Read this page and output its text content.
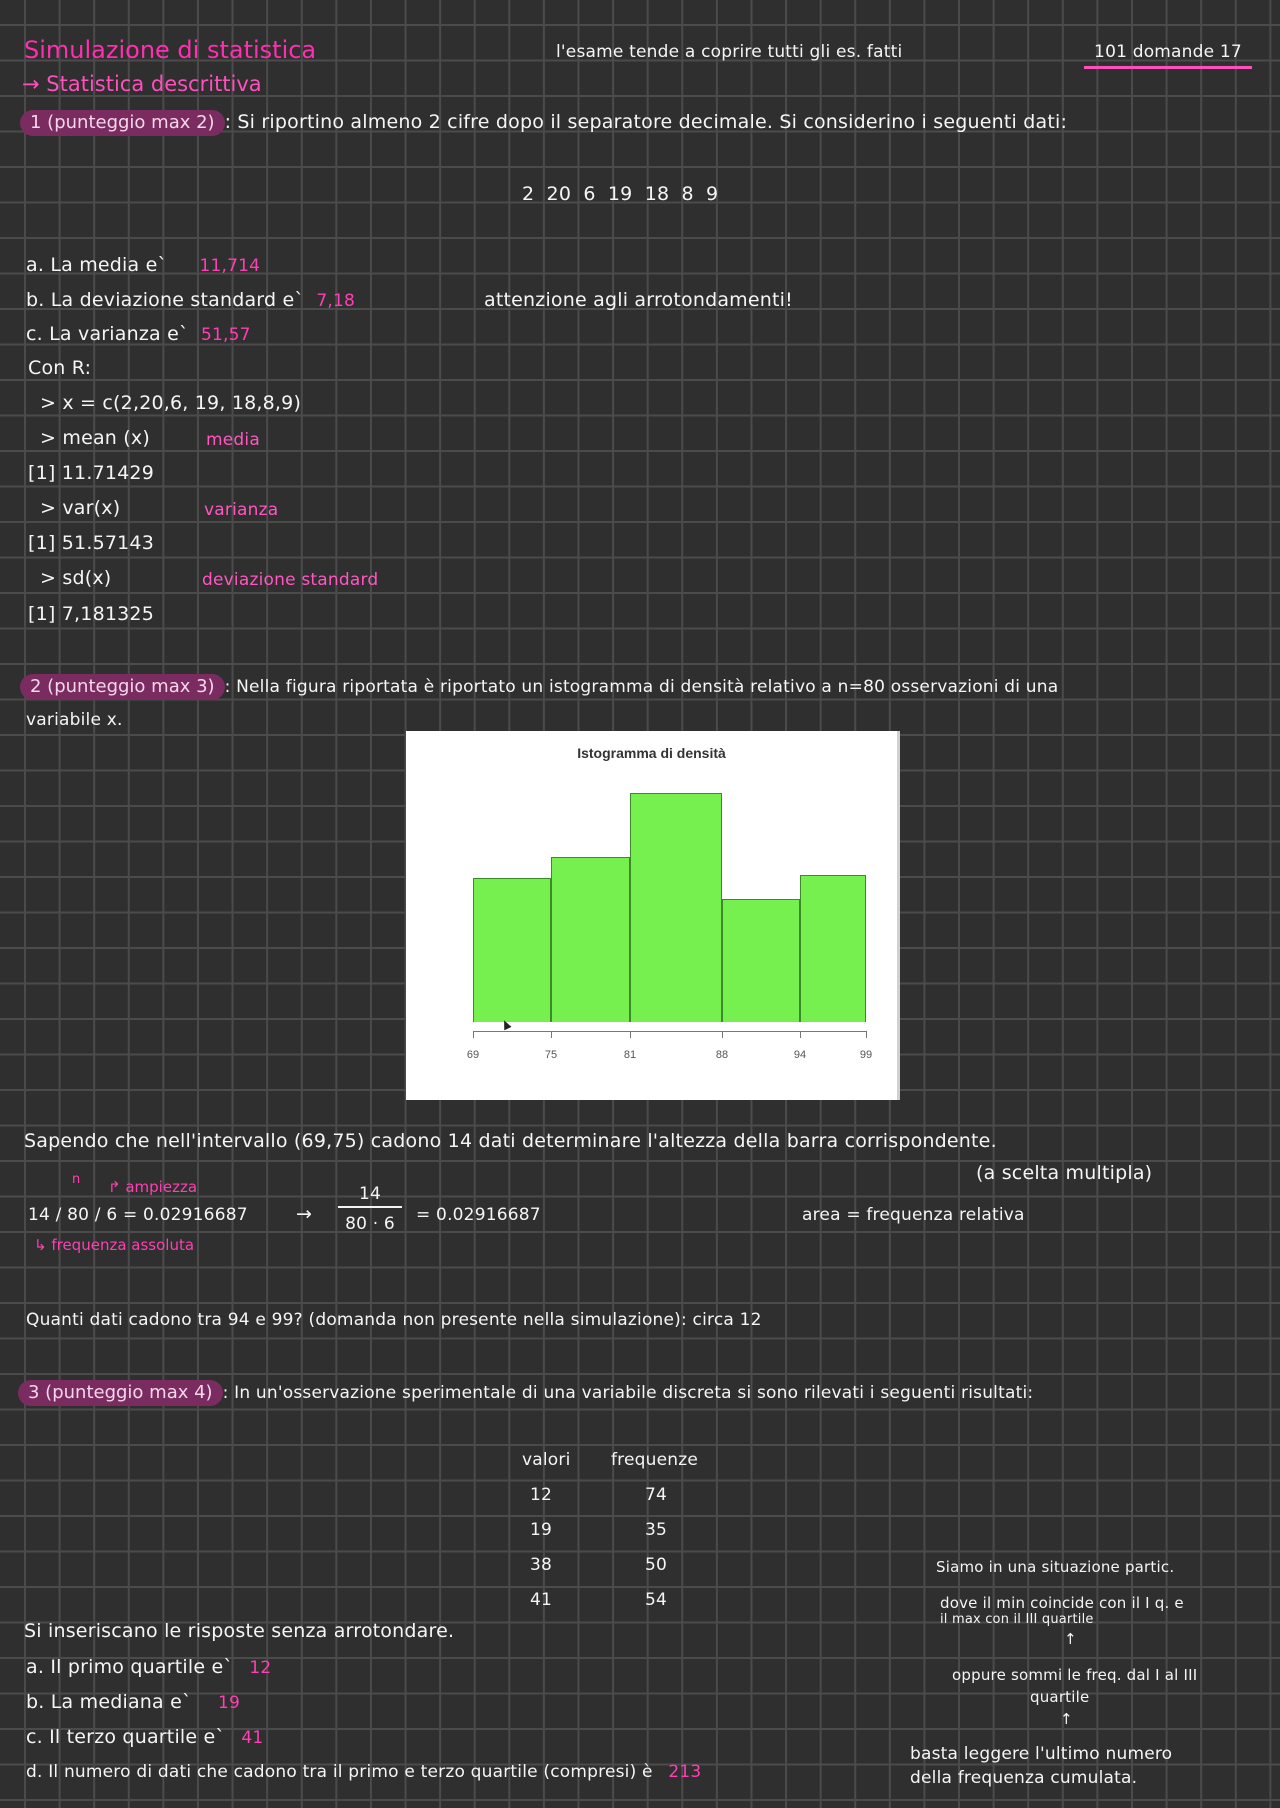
Simulazione di statistica
→ Statistica descrittiva
l'esame tende a coprire tutti gli es. fatti	101 domande 17
1 (punteggio max 2) : Si riportino almeno 2 cifre dopo il separatore decimale. Si considerino i seguenti dati:
2 20 6 19 18 8 9
a. La media e` 11,714
b. La deviazione standard e` 7,18	attenzione agli arrotondamenti!
c. La varianza e` 51,57
Con R:
> x = c(2,20,6, 19, 18,8,9)
> mean (x)	media
[1] 11.71429
> var(x)	varianza
[1] 51.57143
> sd(x)	deviazione standard
[1] 7,181325
2 (punteggio max 3) : Nella figura riportata è riportato un istogramma di densità relativo a n=80 osservazioni di una
variabile x.
Istogramma di densità
69	75	81	88	94	99
Sapendo che nell'intervallo (69,75) cadono 14 dati determinare l'altezza della barra corrispondente.
(a scelta multipla)
n ↱ ampiezza
14 / 80 / 6 = 0.02916687	→ $\frac{14}{80 \cdot 6} = 0.02916687$	area = frequenza relativa
↳ frequenza assoluta
Quanti dati cadono tra 94 e 99? (domanda non presente nella simulazione): circa 12
3 (punteggio max 4) : In un'osservazione sperimentale di una variabile discreta si sono rilevati i seguenti risultati:
valori frequenze
12	74
19	35
38	50
41	54
Si inseriscano le risposte senza arrotondare.
a. Il primo quartile e` 12
b. La mediana e` 19
c. Il terzo quartile e` 41
d. Il numero di dati che cadono tra il primo e terzo quartile (compresi) è 213
Siamo in una situazione partic.
dove il min coincide con il I q. e
il max con il III quartile
↑
oppure sommi le freq. dal I al III
quartile
↑
basta leggere l'ultimo numero
della frequenza cumulata.
